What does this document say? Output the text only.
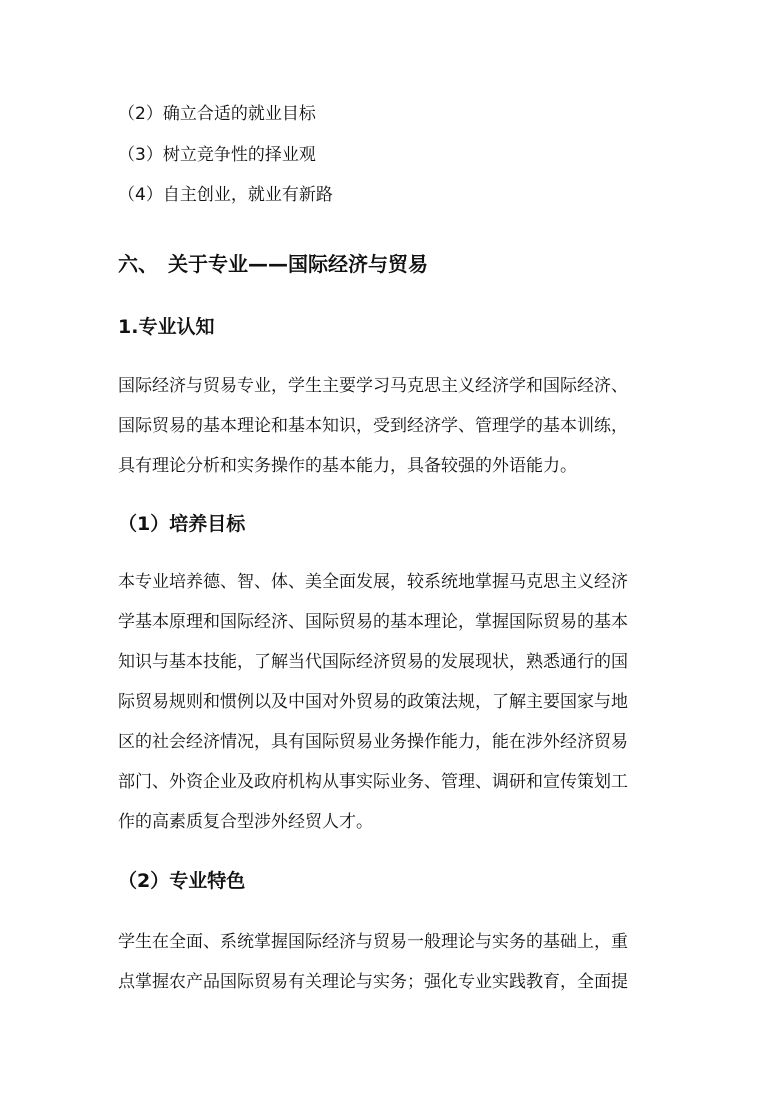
（2）确立合适的就业目标
（3）树立竞争性的择业观
（4）自主创业，就业有新路
六、 关于专业——国际经济与贸易
1.专业认知
国际经济与贸易专业，学生主要学习马克思主义经济学和国际经济、
国际贸易的基本理论和基本知识，受到经济学、管理学的基本训练，
具有理论分析和实务操作的基本能力，具备较强的外语能力。
（1）培养目标
本专业培养德、智、体、美全面发展，较系统地掌握马克思主义经济
学基本原理和国际经济、国际贸易的基本理论，掌握国际贸易的基本
知识与基本技能，了解当代国际经济贸易的发展现状，熟悉通行的国
际贸易规则和惯例以及中国对外贸易的政策法规，了解主要国家与地
区的社会经济情况，具有国际贸易业务操作能力，能在涉外经济贸易
部门、外资企业及政府机构从事实际业务、管理、调研和宣传策划工
作的高素质复合型涉外经贸人才。
（2）专业特色
学生在全面、系统掌握国际经济与贸易一般理论与实务的基础上，重
点掌握农产品国际贸易有关理论与实务；强化专业实践教育，全面提
